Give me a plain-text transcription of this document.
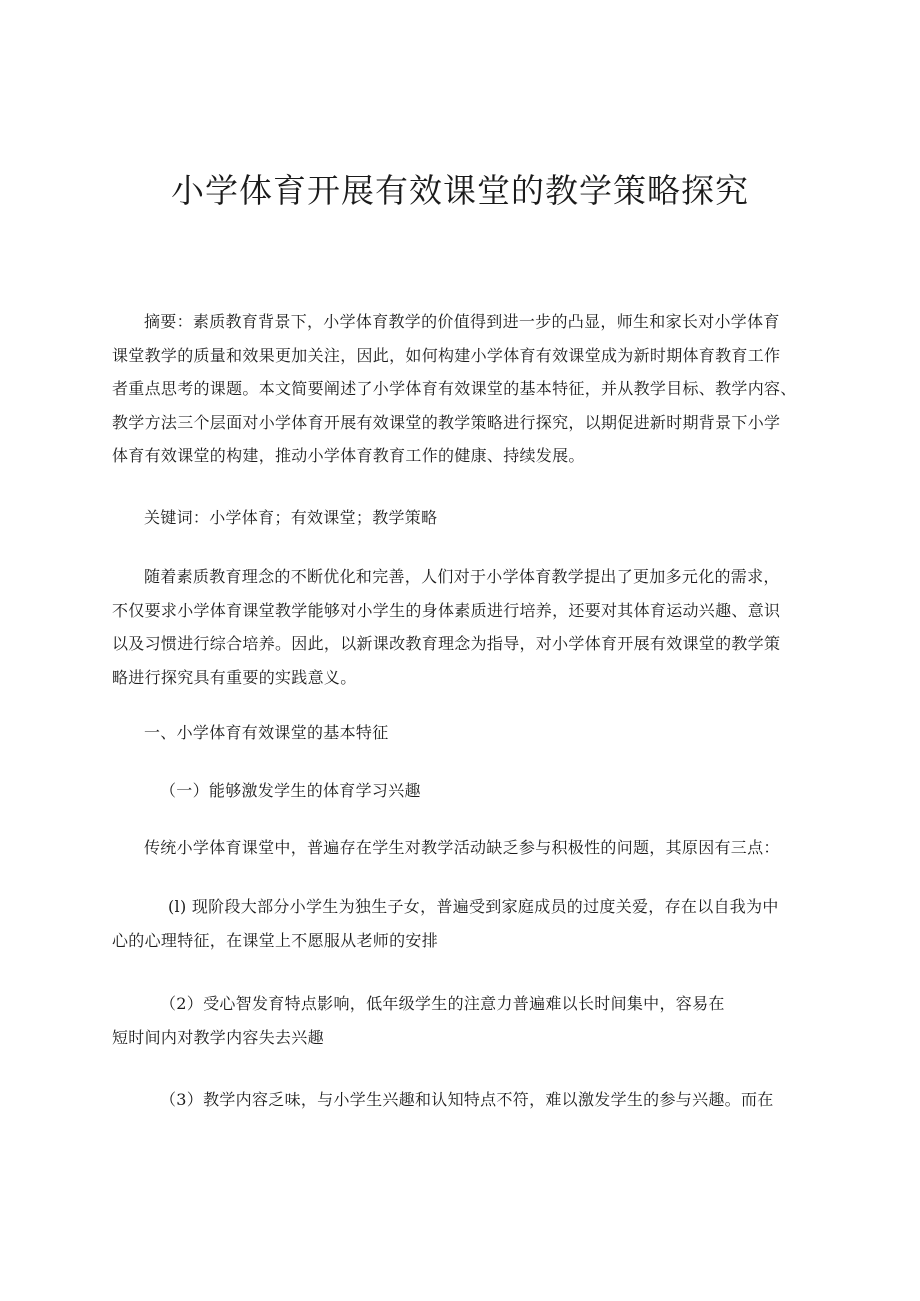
小学体育开展有效课堂的教学策略探究
摘要：素质教育背景下，小学体育教学的价值得到进一步的凸显，师生和家长对小学体育
课堂教学的质量和效果更加关注，因此，如何构建小学体育有效课堂成为新时期体育教育工作
者重点思考的课题。本文简要阐述了小学体育有效课堂的基本特征，并从教学目标、教学内容、
教学方法三个层面对小学体育开展有效课堂的教学策略进行探究，以期促进新时期背景下小学
体育有效课堂的构建，推动小学体育教育工作的健康、持续发展。

关键词：小学体育；有效课堂；教学策略

随着素质教育理念的不断优化和完善，人们对于小学体育教学提出了更加多元化的需求，
不仅要求小学体育课堂教学能够对小学生的身体素质进行培养，还要对其体育运动兴趣、意识
以及习惯进行综合培养。因此，以新课改教育理念为指导，对小学体育开展有效课堂的教学策
略进行探究具有重要的实践意义。

一、小学体育有效课堂的基本特征

（一）能够激发学生的体育学习兴趣

传统小学体育课堂中，普遍存在学生对教学活动缺乏参与积极性的问题，其原因有三点：

(l) 现阶段大部分小学生为独生子女，普遍受到家庭成员的过度关爱，存在以自我为中
心的心理特征，在课堂上不愿服从老师的安排
（2）受心智发育特点影响，低年级学生的注意力普遍难以长时间集中，容易在
短时间内对教学内容失去兴趣
（3）教学内容乏味，与小学生兴趣和认知特点不符，难以激发学生的参与兴趣。而在
